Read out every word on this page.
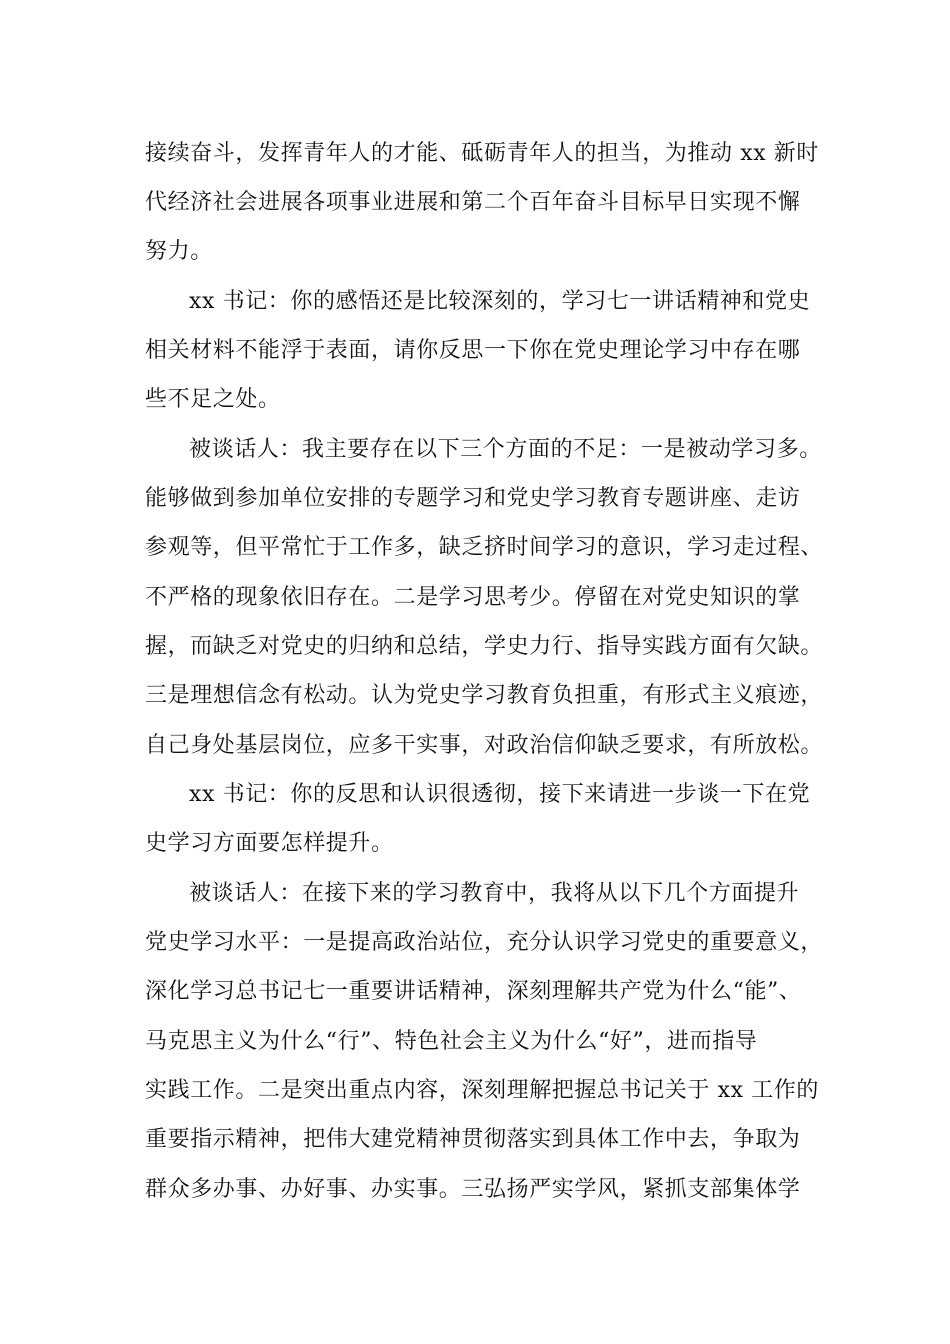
接续奋斗，发挥青年人的才能、砥砺青年人的担当，为推动 xx 新时
代经济社会进展各项事业进展和第二个百年奋斗目标早日实现不懈
努力。
xx 书记：你的感悟还是比较深刻的，学习七一讲话精神和党史
相关材料不能浮于表面，请你反思一下你在党史理论学习中存在哪
些不足之处。
被谈话人：我主要存在以下三个方面的不足：一是被动学习多。
能够做到参加单位安排的专题学习和党史学习教育专题讲座、走访
参观等，但平常忙于工作多，缺乏挤时间学习的意识，学习走过程、
不严格的现象依旧存在。二是学习思考少。停留在对党史知识的掌
握，而缺乏对党史的归纳和总结，学史力行、指导实践方面有欠缺。
三是理想信念有松动。认为党史学习教育负担重，有形式主义痕迹，
自己身处基层岗位，应多干实事，对政治信仰缺乏要求，有所放松。
xx 书记：你的反思和认识很透彻，接下来请进一步谈一下在党
史学习方面要怎样提升。
被谈话人：在接下来的学习教育中，我将从以下几个方面提升
党史学习水平：一是提高政治站位，充分认识学习党史的重要意义，
深化学习总书记七一重要讲话精神，深刻理解共产党为什么“能”、
马克思主义为什么“行”、特色社会主义为什么“好”，进而指导
实践工作。二是突出重点内容，深刻理解把握总书记关于 xx 工作的
重要指示精神，把伟大建党精神贯彻落实到具体工作中去，争取为
群众多办事、办好事、办实事。三弘扬严实学风，紧抓支部集体学
